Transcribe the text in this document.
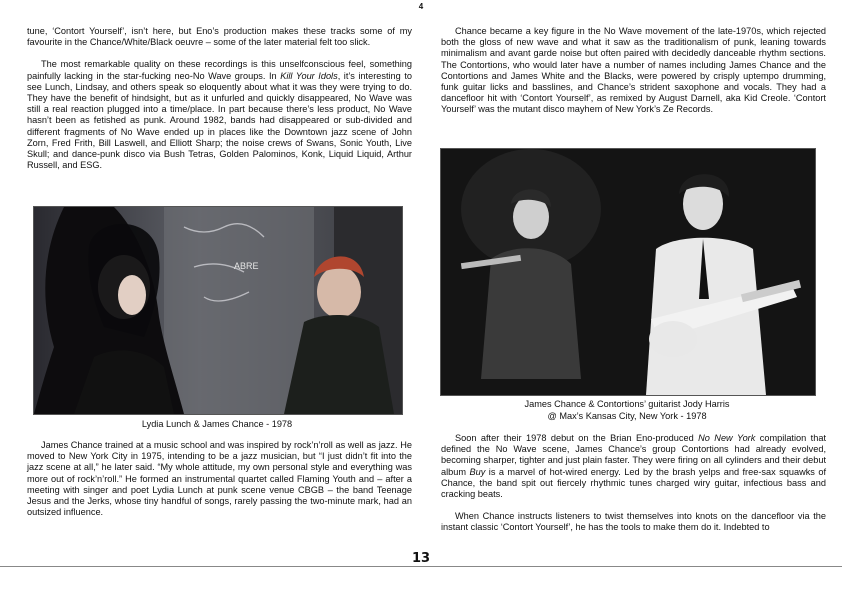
4

tune, ‘Contort Yourself’, isn’t here, but Eno’s production makes these tracks some of my favourite in the Chance/White/Black oeuvre – some of the later material felt too slick.

The most remarkable quality on these recordings is this unselfconscious feel, something painfully lacking in the star-fucking neo-No Wave groups. In Kill Your Idols, it’s interesting to see Lunch, Lindsay, and others speak so eloquently about what it was they were trying to do. They have the benefit of hindsight, but as it unfurled and quickly disappeared, No Wave was still a real reaction plugged into a time/place. In part because there’s less product, No Wave hasn’t been as fetished as punk. Around 1982, bands had disappeared or sub-divided and different fragments of No Wave ended up in places like the Downtown jazz scene of John Zorn, Fred Frith, Bill Laswell, and Elliott Sharp; the noise crews of Swans, Sonic Youth, Live Skull; and dance-punk disco via Bush Tetras, Golden Palominos, Konk, Liquid Liquid, Arthur Russell, and ESG.

ABRE
Lydia Lunch & James Chance - 1978

James Chance trained at a music school and was inspired by rock’n’roll as well as jazz. He moved to New York City in 1975, intending to be a jazz musician, but “I just didn’t fit into the jazz scene at all,” he later said. “My whole attitude, my own personal style and everything was more out of rock’n’roll.” He formed an instrumental quartet called Flaming Youth and – after a meeting with singer and poet Lydia Lunch at punk scene venue CBGB – the band Teenage Jesus and the Jerks, whose tiny handful of songs, rarely passing the two-minute mark, had an outsized influence.

Chance became a key figure in the No Wave movement of the late-1970s, which rejected both the gloss of new wave and what it saw as the traditionalism of punk, leaning towards minimalism and avant garde noise but often paired with decidedly danceable rhythm sections. The Contortions, who would later have a number of names including James Chance and the Contortions and James White and the Blacks, were powered by crisply uptempo drumming, funk guitar licks and basslines, and Chance’s strident saxophone and vocals. They had a dancefloor hit with ‘Contort Yourself’, as remixed by August Darnell, aka Kid Creole. ‘Contort Yourself’ was the mutant disco mayhem of New York’s Ze Records.

James Chance & Contortions’ guitarist Jody Harris
@ Max’s Kansas City, New York - 1978

Soon after their 1978 debut on the Brian Eno-produced No New York compilation that defined the No Wave scene, James Chance’s group Contortions had already evolved, becoming sharper, tighter and just plain faster. They were firing on all cylinders and their debut album Buy is a marvel of hot-wired energy. Led by the brash yelps and free-sax squawks of Chance, the band spit out fiercely rhythmic tunes charged wiry guitar, infectious bass and cracking beats.

When Chance instructs listeners to twist themselves into knots on the dancefloor via the instant classic ‘Contort Yourself’, he has the tools to make them do it. Indebted to

13
